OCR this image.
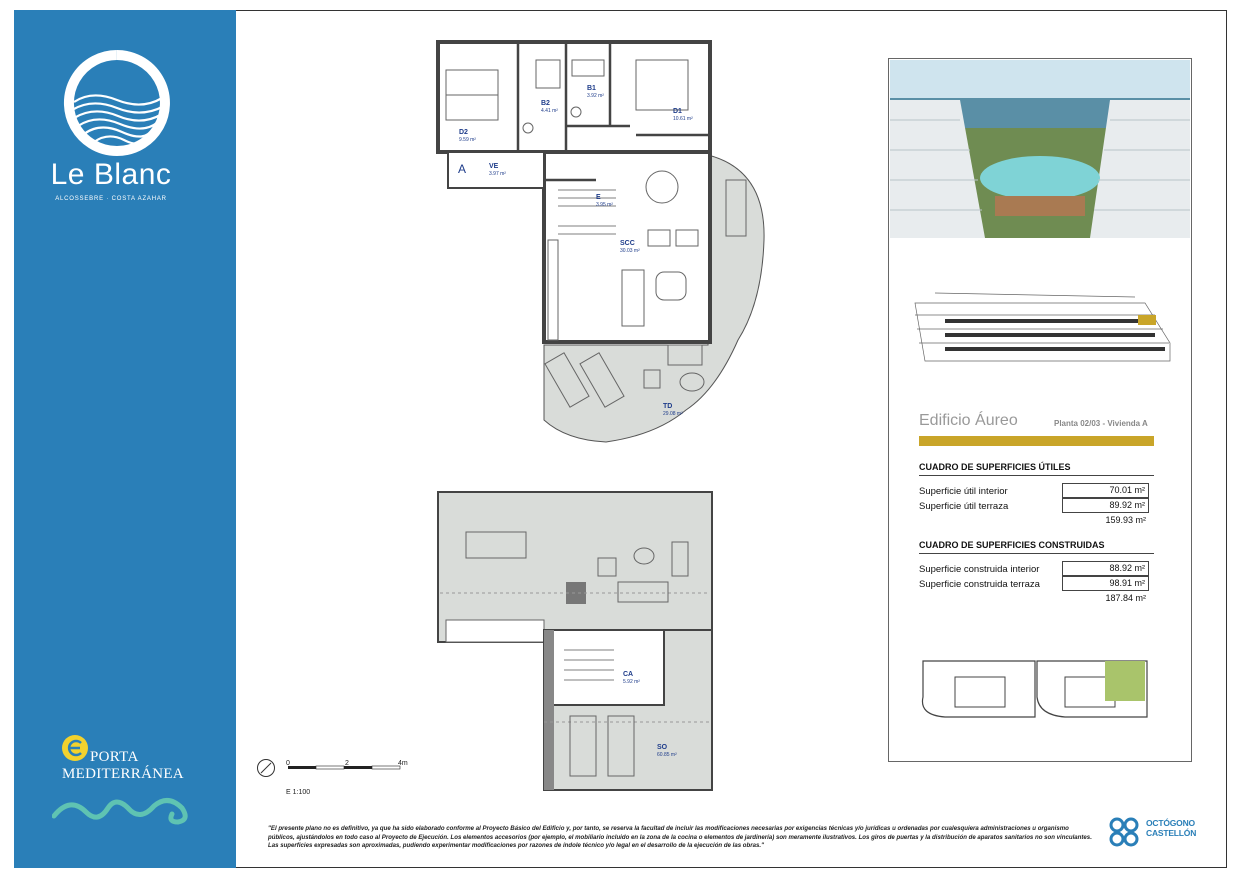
Le Blanc
ALCOSSEBRE · COSTA AZAHAR
PORTA
MEDITERRÁNEA
A
D2
9.59 m²
B2
4.41 m²
B1
3.92 m²
D1
10.61 m²
VE
3.97 m²
E
3.95 m²
SCC
30.03 m²
TD
29.08 m²
CA
5.92 m²
SO
60.85 m²
0	2	4m
E 1:100
Edificio Áureo	Planta 02/03 - Vivienda A
CUADRO DE SUPERFICIES ÚTILES
Superficie útil interior	70.01 m²
Superficie útil terraza	89.92 m²
159.93 m²
CUADRO DE SUPERFICIES CONSTRUIDAS
Superficie construida interior	88.92 m²
Superficie construida terraza	98.91 m²
187.84 m²
"El presente plano no es definitivo, ya que ha sido elaborado conforme al Proyecto Básico del Edificio y, por tanto, se reserva la facultad de incluir las modificaciones necesarias por exigencias técnicas y/o jurídicas u ordenadas por cualesquiera administraciones u organismo públicos, ajustándolos en todo caso al Proyecto de Ejecución. Los elementos accesorios (por ejemplo, el mobiliario incluido en la zona de la cocina o elementos de jardinería) son meramente ilustrativos. Los giros de puertas y la distribución de aparatos sanitarios no son vinculantes. Las superficies expresadas son aproximadas, pudiendo experimentar modificaciones por razones de índole técnico y/o legal en el desarrollo de la ejecución de las obras."
OCTÓGONO
CASTELLÓN
